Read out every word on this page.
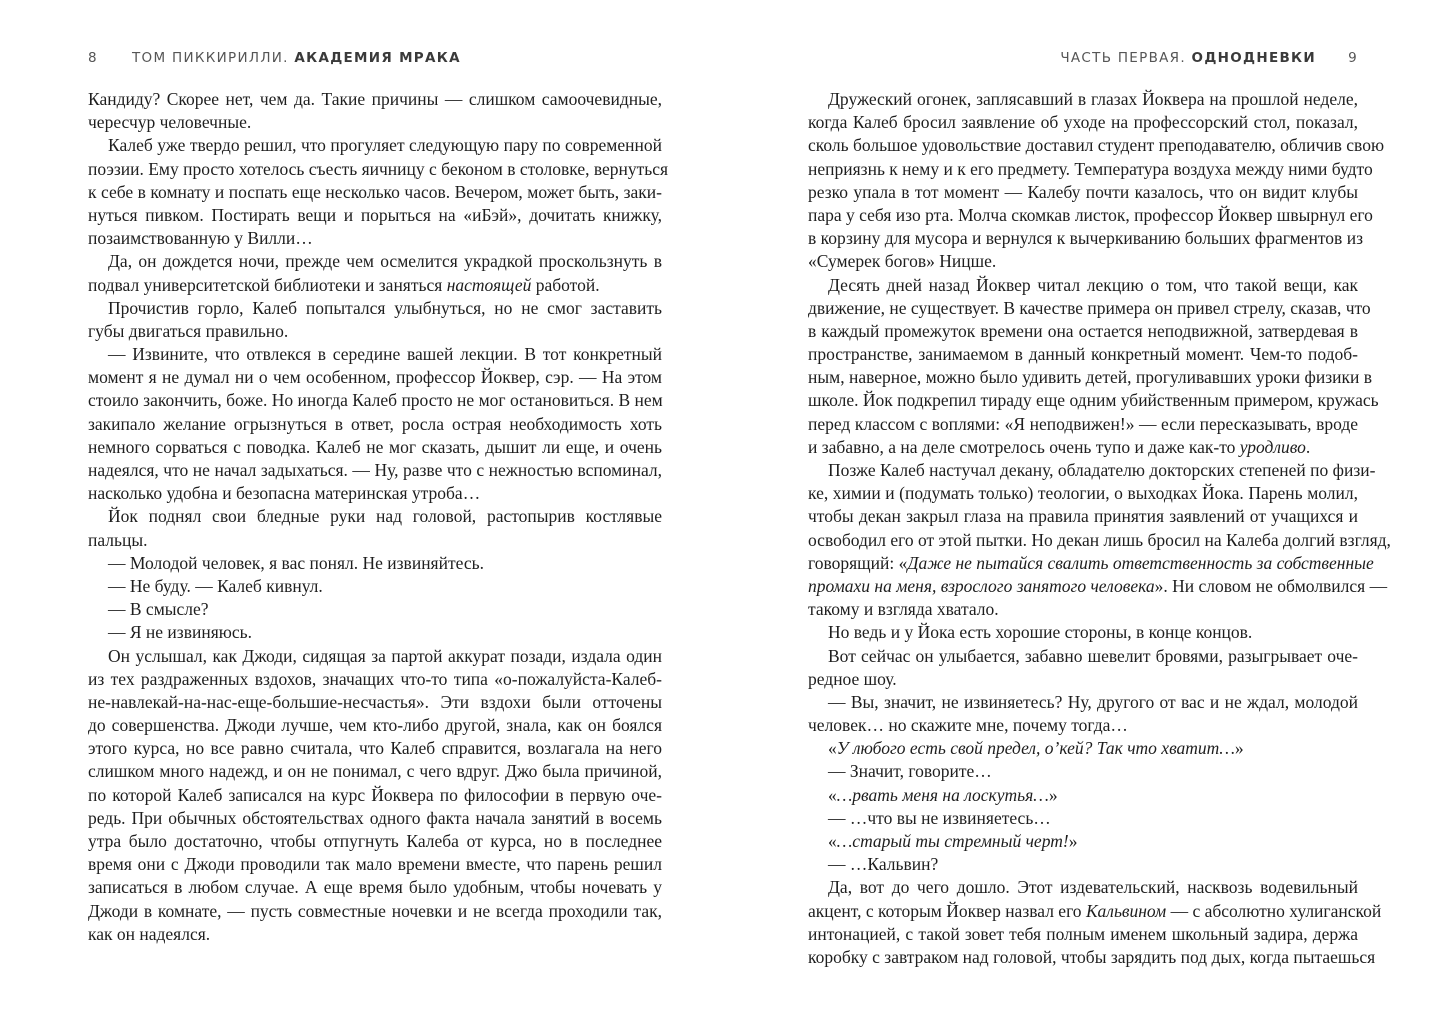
8	ТОМ ПИККИРИЛЛИ. АКАДЕМИЯ МРАКА
Кандиду? Скорее нет, чем да. Такие причины — слишком самоочевидные,
чересчур человечные.
Калеб уже твердо решил, что прогуляет следующую пару по современной
поэзии. Ему просто хотелось съесть яичницу с беконом в столовке, вернуться
к себе в комнату и поспать еще несколько часов. Вечером, может быть, заки-
нуться пивком. Постирать вещи и порыться на «иБэй», дочитать книжку,
позаимствованную у Вилли…
Да, он дождется ночи, прежде чем осмелится украдкой проскользнуть в
подвал университетской библиотеки и заняться настоящей работой.
Прочистив горло, Калеб попытался улыбнуться, но не смог заставить
губы двигаться правильно.
— Извините, что отвлекся в середине вашей лекции. В тот конкретный
момент я не думал ни о чем особенном, профессор Йоквер, сэр. — На этом
стоило закончить, боже. Но иногда Калеб просто не мог остановиться. В нем
закипало желание огрызнуться в ответ, росла острая необходимость хоть
немного сорваться с поводка. Калеб не мог сказать, дышит ли еще, и очень
надеялся, что не начал задыхаться. — Ну, разве что с нежностью вспоминал,
насколько удобна и безопасна материнская утроба…
Йок поднял свои бледные руки над головой, растопырив костлявые
пальцы.
— Молодой человек, я вас понял. Не извиняйтесь.
— Не буду. — Калеб кивнул.
— В смысле?
— Я не извиняюсь.
Он услышал, как Джоди, сидящая за партой аккурат позади, издала один
из тех раздраженных вздохов, значащих что-то типа «о-пожалуйста-Калеб-
не-навлекай-на-нас-еще-большие-несчастья». Эти вздохи были отточены
до совершенства. Джоди лучше, чем кто-либо другой, знала, как он боялся
этого курса, но все равно считала, что Калеб справится, возлагала на него
слишком много надежд, и он не понимал, с чего вдруг. Джо была причиной,
по которой Калеб записался на курс Йоквера по философии в первую оче-
редь. При обычных обстоятельствах одного факта начала занятий в восемь
утра было достаточно, чтобы отпугнуть Калеба от курса, но в последнее
время они с Джоди проводили так мало времени вместе, что парень решил
записаться в любом случае. А еще время было удобным, чтобы ночевать у
Джоди в комнате, — пусть совместные ночевки и не всегда проходили так,
как он надеялся.
ЧАСТЬ ПЕРВАЯ. ОДНОДНЕВКИ 9
Дружеский огонек, заплясавший в глазах Йоквера на прошлой неделе,
когда Калеб бросил заявление об уходе на профессорский стол, показал,
сколь большое удовольствие доставил студент преподавателю, обличив свою
неприязнь к нему и к его предмету. Температура воздуха между ними будто
резко упала в тот момент — Калебу почти казалось, что он видит клубы
пара у себя изо рта. Молча скомкав листок, профессор Йоквер швырнул его
в корзину для мусора и вернулся к вычеркиванию больших фрагментов из
«Сумерек богов» Ницше.
Десять дней назад Йоквер читал лекцию о том, что такой вещи, как
движение, не существует. В качестве примера он привел стрелу, сказав, что
в каждый промежуток времени она остается неподвижной, затвердевая в
пространстве, занимаемом в данный конкретный момент. Чем-то подоб-
ным, наверное, можно было удивить детей, прогуливавших уроки физики в
школе. Йок подкрепил тираду еще одним убийственным примером, кружась
перед классом с воплями: «Я неподвижен!» — если пересказывать, вроде
и забавно, а на деле смотрелось очень тупо и даже как-то уродливо.
Позже Калеб настучал декану, обладателю докторских степеней по физи-
ке, химии и (подумать только) теологии, о выходках Йока. Парень молил,
чтобы декан закрыл глаза на правила принятия заявлений от учащихся и
освободил его от этой пытки. Но декан лишь бросил на Калеба долгий взгляд,
говорящий: «Даже не пытайся свалить ответственность за собственные
промахи на меня, взрослого занятого человека». Ни словом не обмолвился —
такому и взгляда хватало.
Но ведь и у Йока есть хорошие стороны, в конце концов.
Вот сейчас он улыбается, забавно шевелит бровями, разыгрывает оче-
редное шоу.
— Вы, значит, не извиняетесь? Ну, другого от вас и не ждал, молодой
человек… но скажите мне, почему тогда…
«У любого есть свой предел, о’кей? Так что хватит…»
— Значит, говорите…
«…рвать меня на лоскутья…»
— …что вы не извиняетесь…
«…старый ты стремный черт!»
— …Кальвин?
Да, вот до чего дошло. Этот издевательский, насквозь водевильный
акцент, с которым Йоквер назвал его Кальвином — с абсолютно хулиганской
интонацией, с такой зовет тебя полным именем школьный задира, держа
коробку с завтраком над головой, чтобы зарядить под дых, когда пытаешься
